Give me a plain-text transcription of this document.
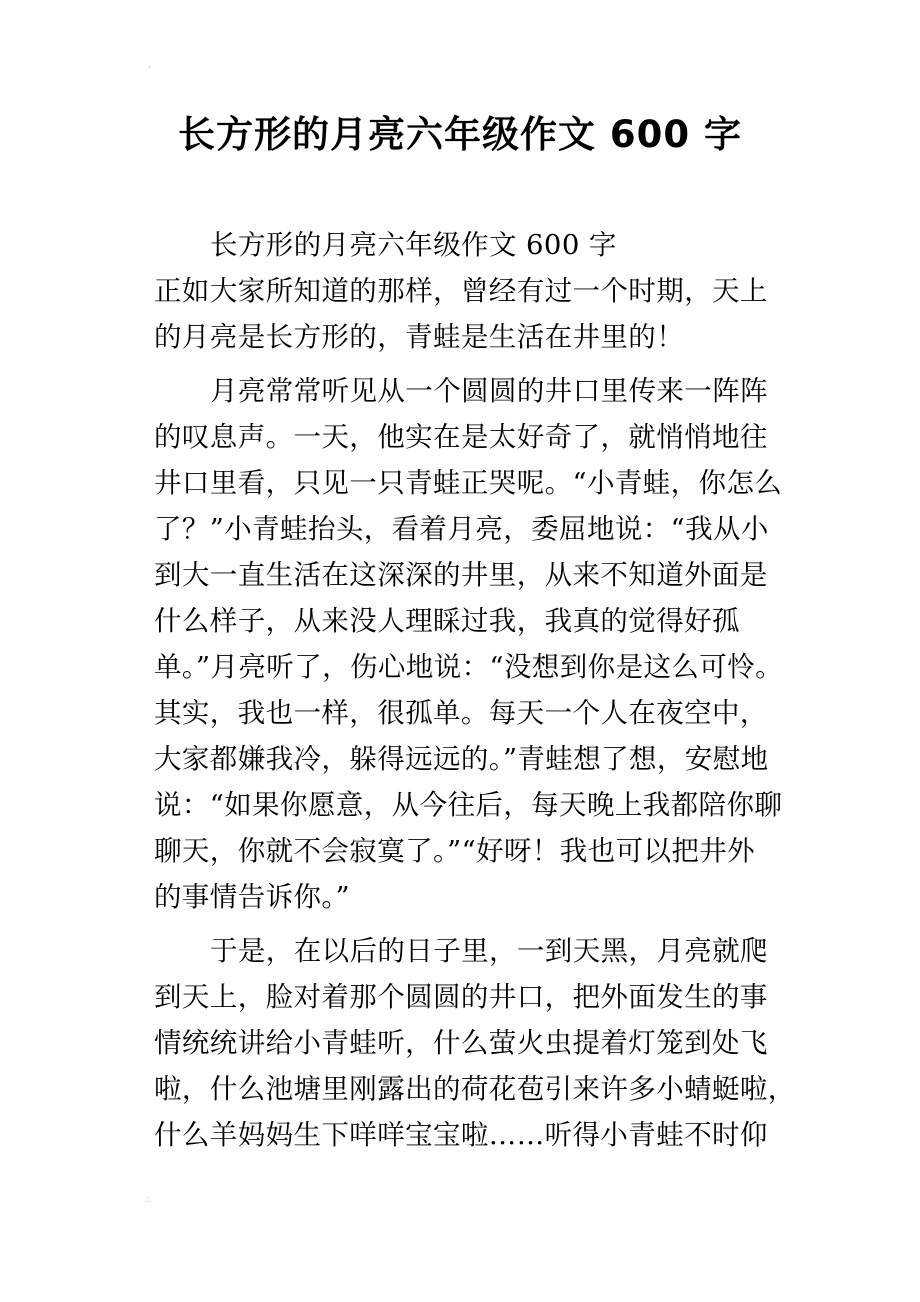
'
.:
长方形的月亮六年级作文 600 字
长方形的月亮六年级作文 600 字
正如大家所知道的那样，曾经有过一个时期，天上
的月亮是长方形的，青蛙是生活在井里的！
月亮常常听见从一个圆圆的井口里传来一阵阵
的叹息声。一天，他实在是太好奇了，就悄悄地往
井口里看，只见一只青蛙正哭呢。“小青蛙，你怎么
了？”小青蛙抬头，看着月亮，委屈地说：“我从小
到大一直生活在这深深的井里，从来不知道外面是
什么样子，从来没人理睬过我，我真的觉得好孤
单。”月亮听了，伤心地说：“没想到你是这么可怜。
其实，我也一样，很孤单。每天一个人在夜空中，
大家都嫌我冷，躲得远远的。”青蛙想了想，安慰地
说：“如果你愿意，从今往后，每天晚上我都陪你聊
聊天，你就不会寂寞了。”“好呀！我也可以把井外
的事情告诉你。”
于是，在以后的日子里，一到天黑，月亮就爬
到天上，脸对着那个圆圆的井口，把外面发生的事
情统统讲给小青蛙听，什么萤火虫提着灯笼到处飞
啦，什么池塘里刚露出的荷花苞引来许多小蜻蜓啦，
什么羊妈妈生下咩咩宝宝啦……听得小青蛙不时仰
